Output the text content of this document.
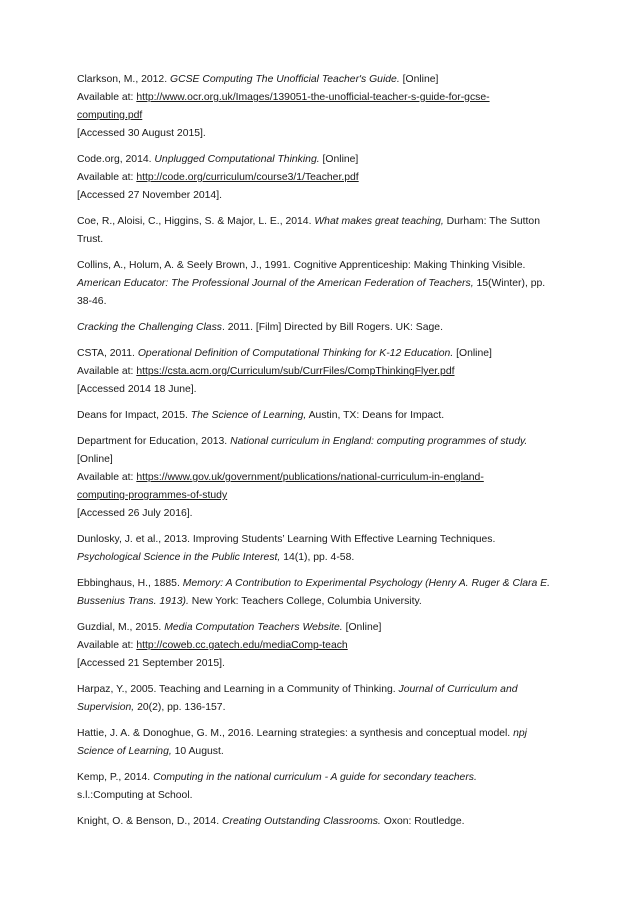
Clarkson, M., 2012. GCSE Computing The Unofficial Teacher's Guide. [Online]
Available at: http://www.ocr.org.uk/Images/139051-the-unofficial-teacher-s-guide-for-gcse-
computing.pdf
[Accessed 30 August 2015].
Code.org, 2014. Unplugged Computational Thinking. [Online]
Available at: http://code.org/curriculum/course3/1/Teacher.pdf
[Accessed 27 November 2014].
Coe, R., Aloisi, C., Higgins, S. & Major, L. E., 2014. What makes great teaching, Durham: The Sutton
Trust.
Collins, A., Holum, A. & Seely Brown, J., 1991. Cognitive Apprenticeship: Making Thinking Visible.
American Educator: The Professional Journal of the American Federation of Teachers, 15(Winter), pp.
38-46.
Cracking the Challenging Class. 2011. [Film] Directed by Bill Rogers. UK: Sage.
CSTA, 2011. Operational Definition of Computational Thinking for K-12 Education. [Online]
Available at: https://csta.acm.org/Curriculum/sub/CurrFiles/CompThinkingFlyer.pdf
[Accessed 2014 18 June].
Deans for Impact, 2015. The Science of Learning, Austin, TX: Deans for Impact.
Department for Education, 2013. National curriculum in England: computing programmes of study.
[Online]
Available at: https://www.gov.uk/government/publications/national-curriculum-in-england-
computing-programmes-of-study
[Accessed 26 July 2016].
Dunlosky, J. et al., 2013. Improving Students’ Learning With Effective Learning Techniques.
Psychological Science in the Public Interest, 14(1), pp. 4-58.
Ebbinghaus, H., 1885. Memory: A Contribution to Experimental Psychology (Henry A. Ruger & Clara E.
Bussenius Trans. 1913). New York: Teachers College, Columbia University.
Guzdial, M., 2015. Media Computation Teachers Website. [Online]
Available at: http://coweb.cc.gatech.edu/mediaComp-teach
[Accessed 21 September 2015].
Harpaz, Y., 2005. Teaching and Learning in a Community of Thinking. Journal of Curriculum and
Supervision, 20(2), pp. 136-157.
Hattie, J. A. & Donoghue, G. M., 2016. Learning strategies: a synthesis and conceptual model. npj
Science of Learning, 10 August.
Kemp, P., 2014. Computing in the national curriculum - A guide for secondary teachers.
s.l.:Computing at School.
Knight, O. & Benson, D., 2014. Creating Outstanding Classrooms. Oxon: Routledge.
